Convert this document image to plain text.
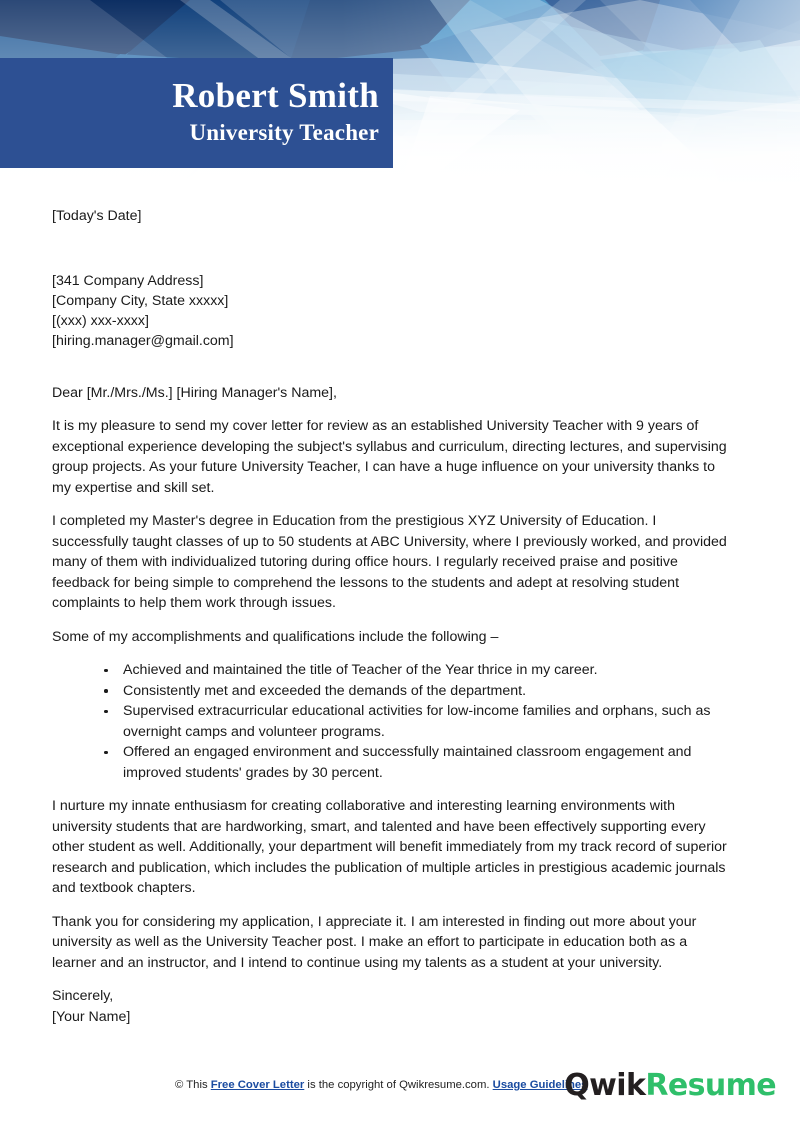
Robert Smith
University Teacher

[Today's Date]

[341 Company Address]

[Company City, State xxxxx]

[(xxx) xxx-xxxx]

[hiring.manager@gmail.com]

Dear [Mr./Mrs./Ms.] [Hiring Manager's Name],

It is my pleasure to send my cover letter for review as an established University Teacher with 9 years of exceptional experience developing the subject's syllabus and curriculum, directing lectures, and supervising group projects. As your future University Teacher, I can have a huge influence on your university thanks to my expertise and skill set.

I completed my Master's degree in Education from the prestigious XYZ University of Education. I successfully taught classes of up to 50 students at ABC University, where I previously worked, and provided many of them with individualized tutoring during office hours. I regularly received praise and positive feedback for being simple to comprehend the lessons to the students and adept at resolving student complaints to help them work through issues.

Some of my accomplishments and qualifications include the following –

Achieved and maintained the title of Teacher of the Year thrice in my career.
Consistently met and exceeded the demands of the department.
Supervised extracurricular educational activities for low-income families and orphans, such as overnight camps and volunteer programs.
Offered an engaged environment and successfully maintained classroom engagement and improved students' grades by 30 percent.

I nurture my innate enthusiasm for creating collaborative and interesting learning environments with university students that are hardworking, smart, and talented and have been effectively supporting every other student as well. Additionally, your department will benefit immediately from my track record of superior research and publication, which includes the publication of multiple articles in prestigious academic journals and textbook chapters.

Thank you for considering my application, I appreciate it. I am interested in finding out more about your university as well as the University Teacher post. I make an effort to participate in education both as a learner and an instructor, and I intend to continue using my talents as a student at your university.

Sincerely,

[Your Name]

© This Free Cover Letter is the copyright of Qwikresume.com. Usage Guidelines
QwikResume
